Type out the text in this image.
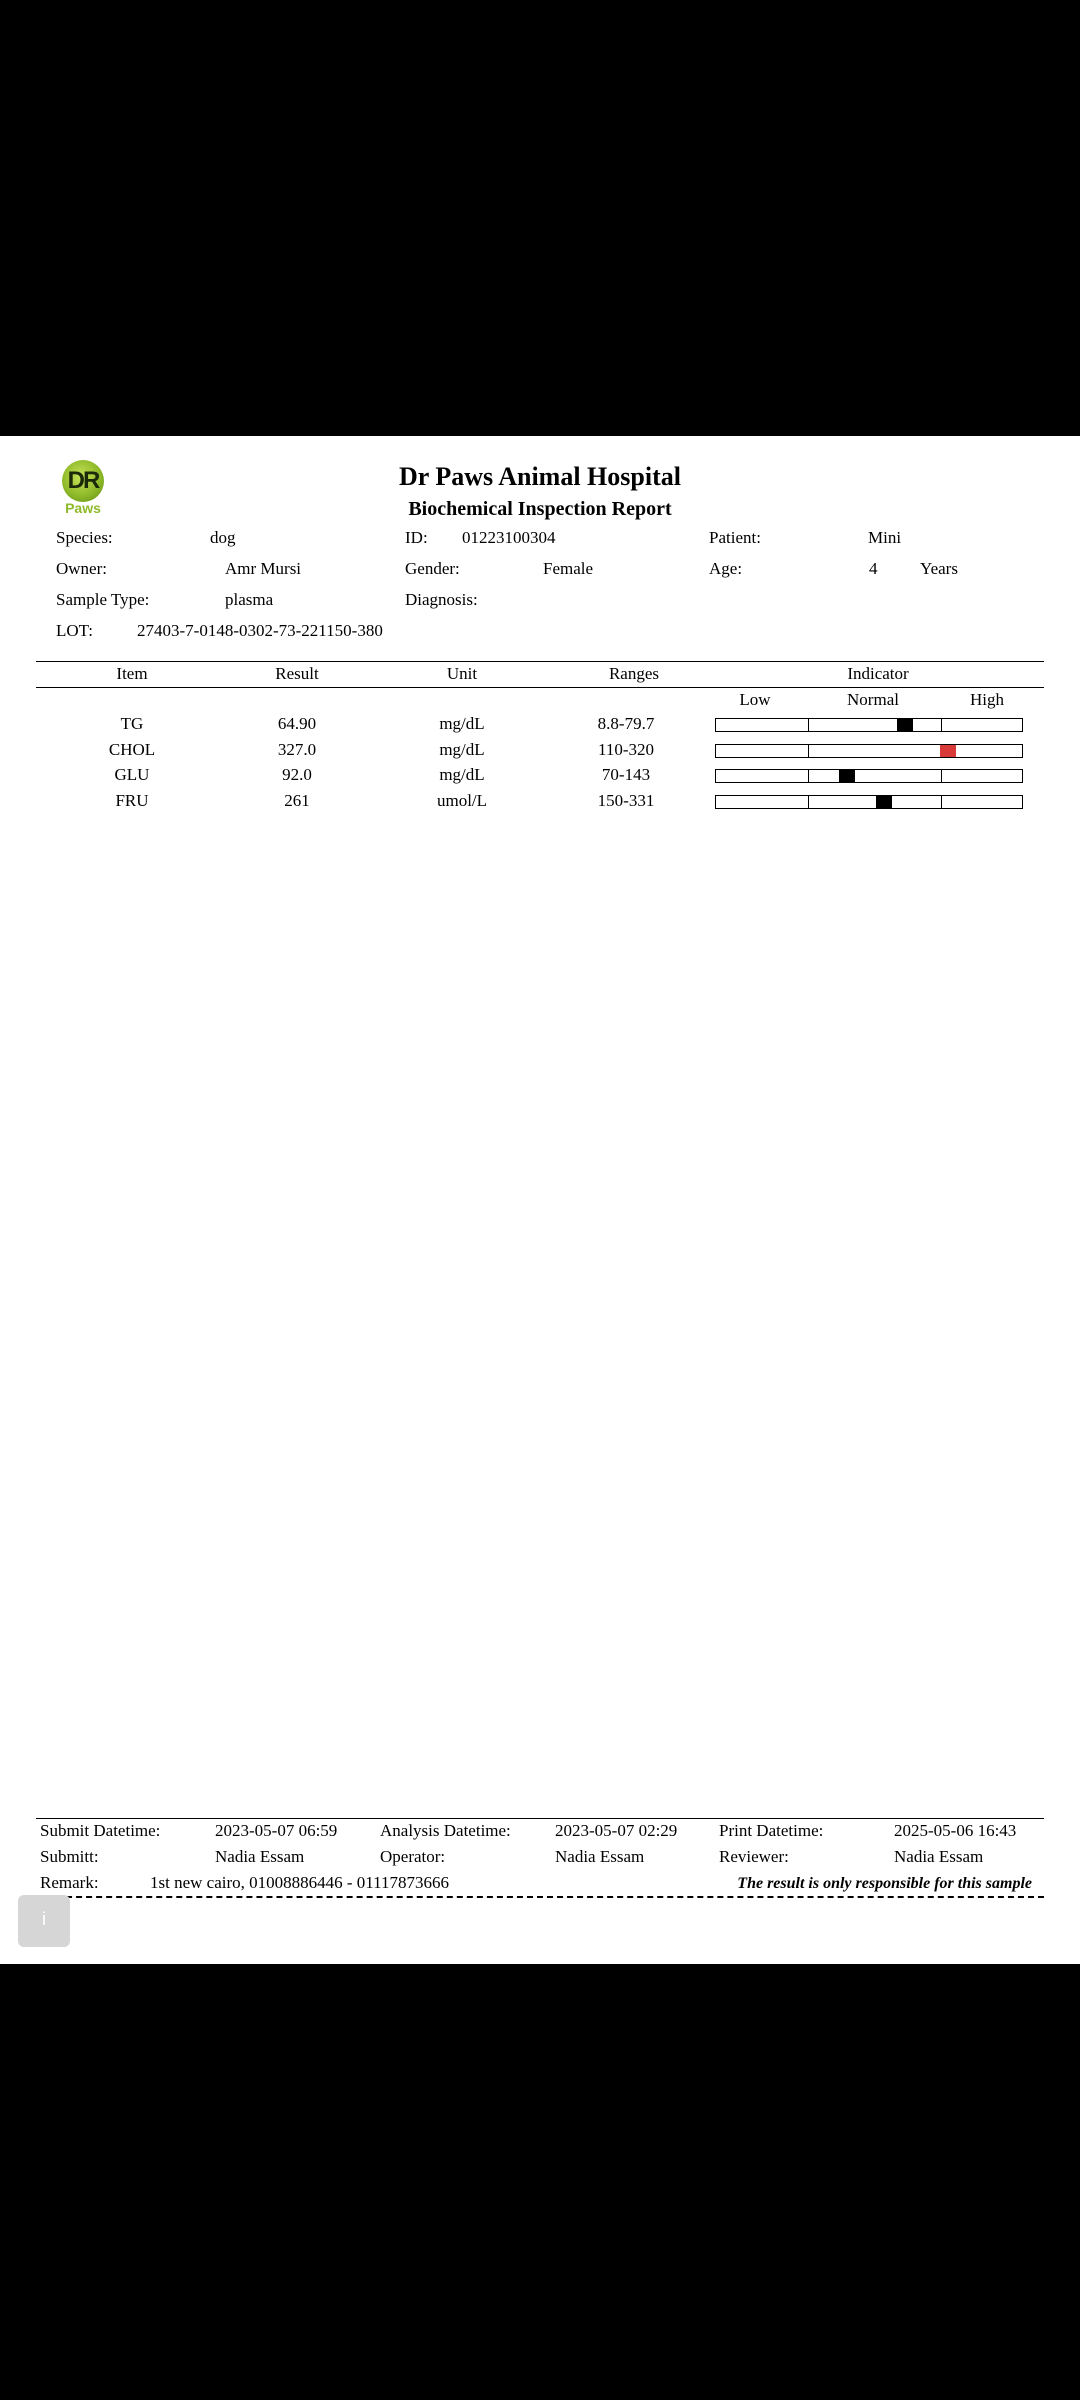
DR
Paws
Dr Paws Animal Hospital
Biochemical Inspection Report
Species:	dog	ID: 01223100304	Patient:	Mini
Owner:	Amr Mursi	Gender:	Female	Age:	4	Years
Sample Type:	plasma	Diagnosis:
LOT:	27403-7-0148-0302-73-221150-380
Item	Result	Unit	Ranges	Indicator
Low	Normal	High
TG	64.90	mg/dL	8.8-79.7
CHOL	327.0	mg/dL	110-320
GLU	92.0	mg/dL	70-143
FRU	261	umol/L	150-331
Submit Datetime:	2023-05-07 06:59	Analysis Datetime:	2023-05-07 02:29 Print Datetime:	2025-05-06 16:43
Submitt:	Nadia Essam	Operator:	Nadia Essam	Reviewer:	Nadia Essam
Remark:	1st new cairo, 01008886446 - 01117873666	The result is only responsible for this sample
i
